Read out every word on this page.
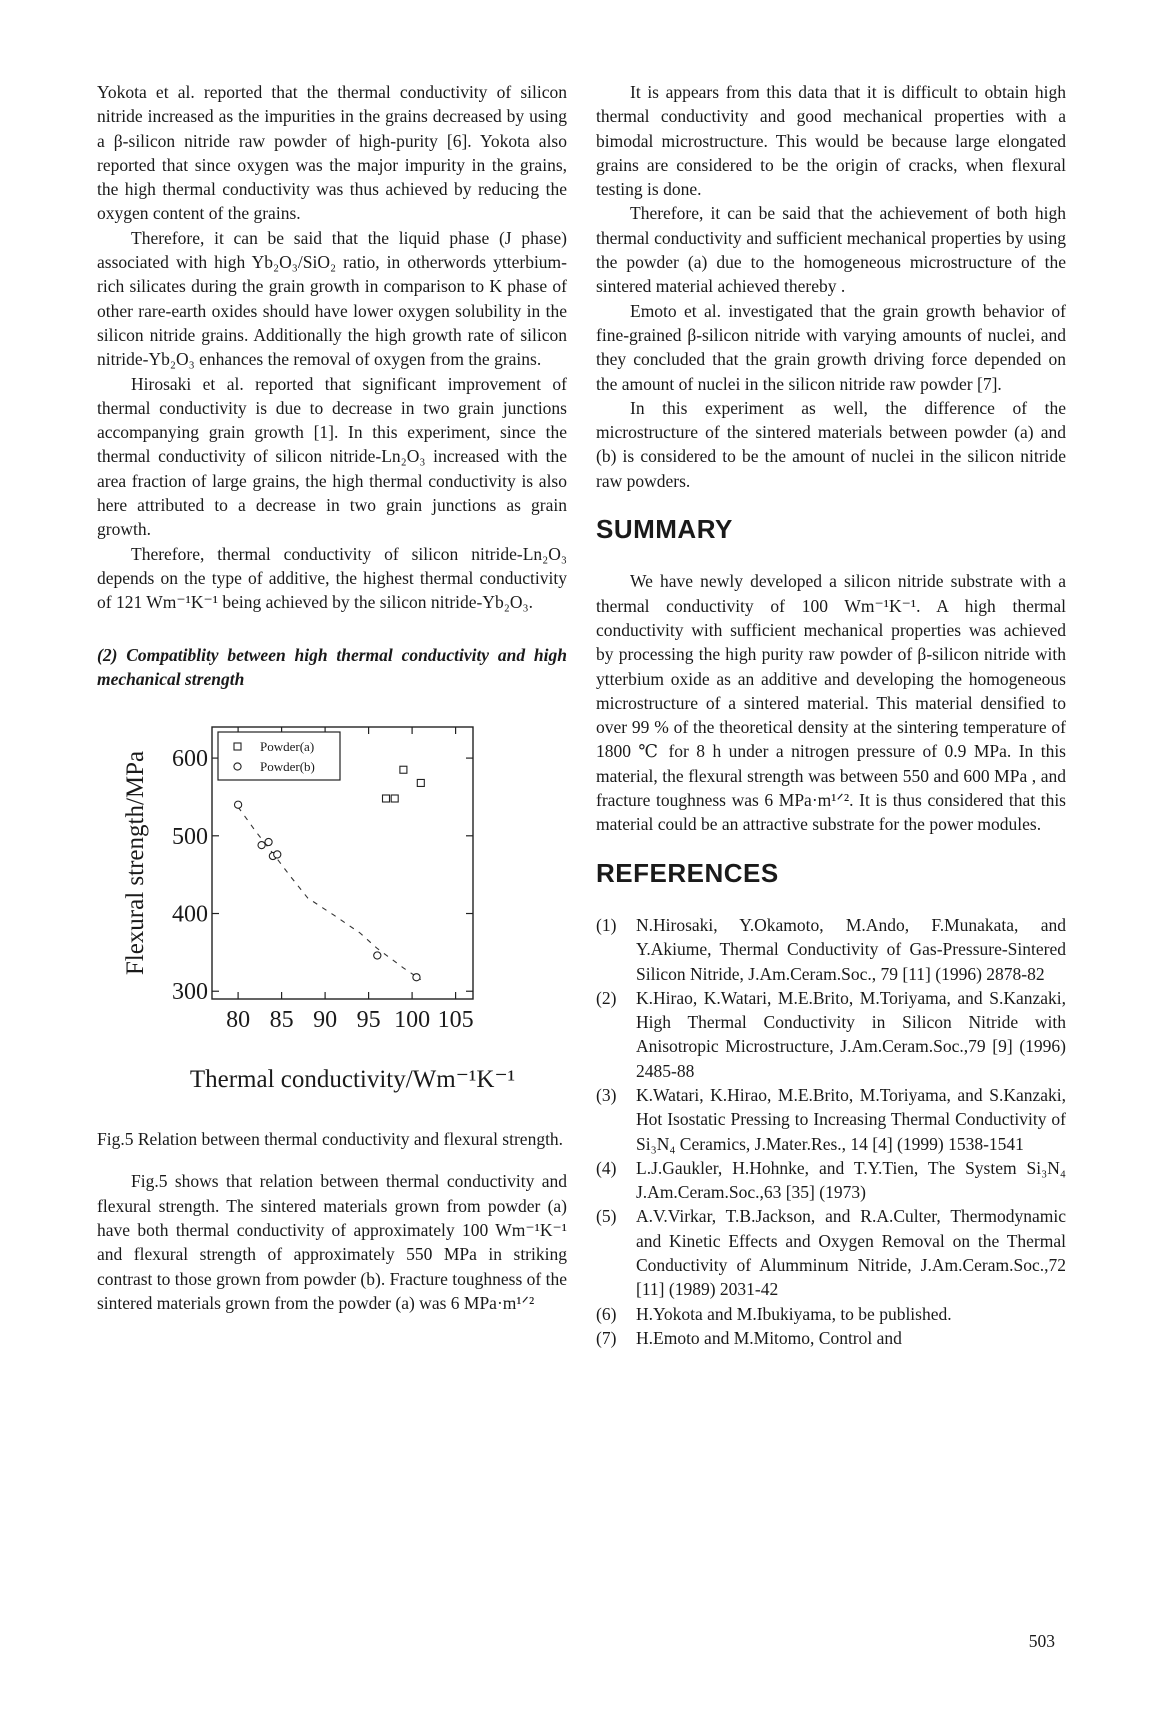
Yokota et al. reported that the thermal conductivity of silicon nitride increased as the impurities in the grains decreased by using a β-silicon nitride raw powder of high-purity [6]. Yokota also reported that since oxygen was the major impurity in the grains, the high thermal conductivity was thus achieved by reducing the oxygen content of the grains.

Therefore, it can be said that the liquid phase (J phase) associated with high Yb₂O₃/SiO₂ ratio, in otherwords ytterbium-rich silicates during the grain growth in comparison to K phase of other rare-earth oxides should have lower oxygen solubility in the silicon nitride grains. Additionally the high growth rate of silicon nitride-Yb₂O₃ enhances the removal of oxygen from the grains.

Hirosaki et al. reported that significant improvement of thermal conductivity is due to decrease in two grain junctions accompanying grain growth [1]. In this experiment, since the thermal conductivity of silicon nitride-Ln₂O₃ increased with the area fraction of large grains, the high thermal conductivity is also here attributed to a decrease in two grain junctions as grain growth.

Therefore, thermal conductivity of silicon nitride-Ln₂O₃ depends on the type of additive, the highest thermal conductivity of 121 Wm⁻¹K⁻¹ being achieved by the silicon nitride-Yb₂O₃.

(2) Compatiblity between high thermal conductivity and high mechanical strength

80 85 90 95 100 105
300
400
500
600	Powder(a)
Powder(b)
Thermal conductivity/Wm⁻¹K⁻¹
Flexural strength/MPa

Fig.5 Relation between thermal conductivity and flexural strength.

Fig.5 shows that relation between thermal conductivity and flexural strength. The sintered materials grown from powder (a) have both thermal conductivity of approximately 100 Wm⁻¹K⁻¹ and flexural strength of approximately 550 MPa in striking contrast to those grown from powder (b). Fracture toughness of the sintered materials grown from the powder (a) was 6 MPa·m¹ᐟ²

It is appears from this data that it is difficult to obtain high thermal conductivity and good mechanical properties with a bimodal microstructure. This would be because large elongated grains are considered to be the origin of cracks, when flexural testing is done.

Therefore, it can be said that the achievement of both high thermal conductivity and sufficient mechanical properties by using the powder (a) due to the homogeneous microstructure of the sintered material achieved thereby .

Emoto et al. investigated that the grain growth behavior of fine-grained β-silicon nitride with varying amounts of nuclei, and they concluded that the grain growth driving force depended on the amount of nuclei in the silicon nitride raw powder [7].

In this experiment as well, the difference of the microstructure of the sintered materials between powder (a) and (b) is considered to be the amount of nuclei in the silicon nitride raw powders.

SUMMARY

We have newly developed a silicon nitride substrate with a thermal conductivity of 100 Wm⁻¹K⁻¹. A high thermal conductivity with sufficient mechanical properties was achieved by processing the high purity raw powder of β-silicon nitride with ytterbium oxide as an additive and developing the homogeneous microstructure of a sintered material. This material densified to over 99 % of the theoretical density at the sintering temperature of 1800 ℃ for 8 h under a nitrogen pressure of 0.9 MPa. In this material, the flexural strength was between 550 and 600 MPa , and fracture toughness was 6 MPa·m¹ᐟ². It is thus considered that this material could be an attractive substrate for the power modules.

REFERENCES
(1)	N.Hirosaki, Y.Okamoto, M.Ando, F.Munakata, and Y.Akiume, Thermal Conductivity of Gas-Pressure-Sintered Silicon Nitride, J.Am.Ceram.Soc., 79 [11] (1996) 2878-82
(2)	K.Hirao, K.Watari, M.E.Brito, M.Toriyama, and S.Kanzaki, High Thermal Conductivity in Silicon Nitride with Anisotropic Microstructure, J.Am.Ceram.Soc.,79 [9] (1996) 2485-88
(3)	K.Watari, K.Hirao, M.E.Brito, M.Toriyama, and S.Kanzaki, Hot Isostatic Pressing to Increasing Thermal Conductivity of Si₃N₄ Ceramics, J.Mater.Res., 14 [4] (1999) 1538-1541
(4)	L.J.Gaukler, H.Hohnke, and T.Y.Tien, The System Si₃N₄ J.Am.Ceram.Soc.,63 [35] (1973)
(5)	A.V.Virkar, T.B.Jackson, and R.A.Culter, Thermodynamic and Kinetic Effects and Oxygen Removal on the Thermal Conductivity of Alumminum Nitride, J.Am.Ceram.Soc.,72 [11] (1989) 2031-42
(6)	H.Yokota and M.Ibukiyama, to be published.
(7)	H.Emoto and M.Mitomo, Control and
503
